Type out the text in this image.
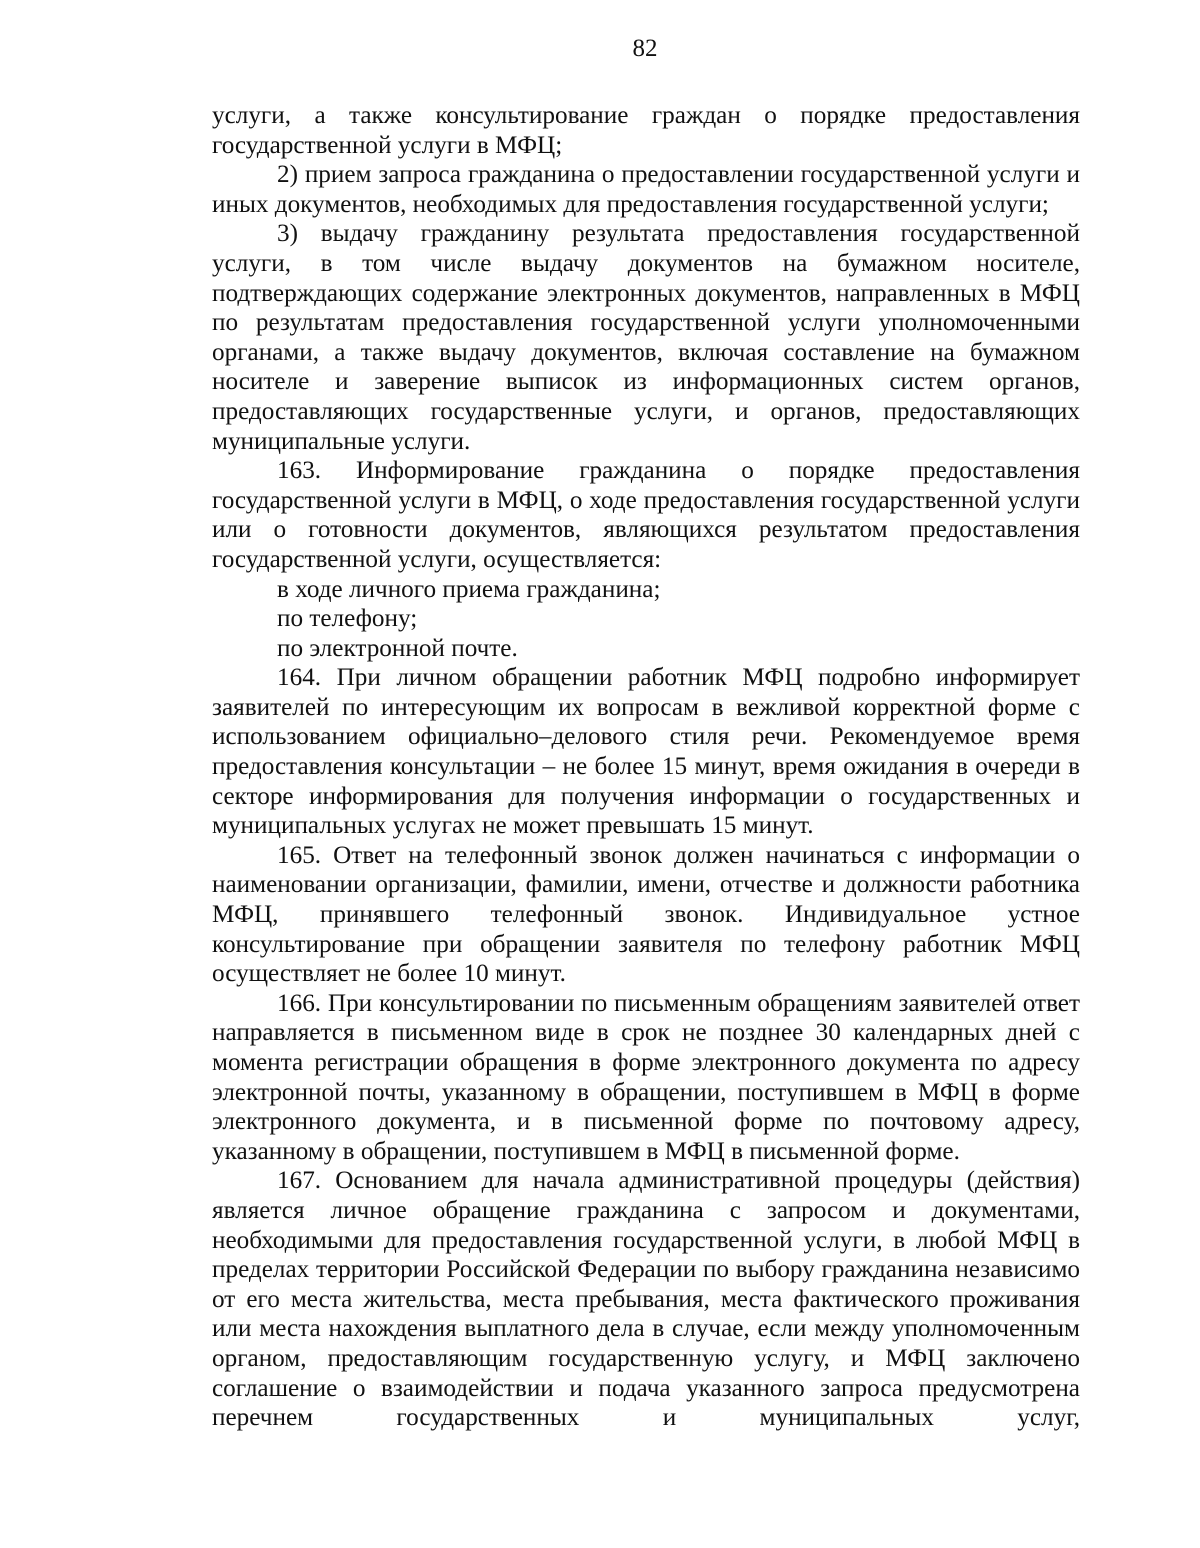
82

услуги, а также консультирование граждан о порядке предоставления государственной услуги в МФЦ;

2) прием запроса гражданина о предоставлении государственной услуги и иных документов, необходимых для предоставления государственной услуги;

3) выдачу гражданину результата предоставления государственной услуги, в том числе выдачу документов на бумажном носителе, подтверждающих содержание электронных документов, направленных в МФЦ по результатам предоставления государственной услуги уполномоченными органами, а также выдачу документов, включая составление на бумажном носителе и заверение выписок из информационных систем органов, предоставляющих государственные услуги, и органов, предоставляющих муниципальные услуги.

163. Информирование гражданина о порядке предоставления государственной услуги в МФЦ, о ходе предоставления государственной услуги или о готовности документов, являющихся результатом предоставления государственной услуги, осуществляется:

в ходе личного приема гражданина;

по телефону;

по электронной почте.

164. При личном обращении работник МФЦ подробно информирует заявителей по интересующим их вопросам в вежливой корректной форме с использованием официально–делового стиля речи. Рекомендуемое время предоставления консультации – не более 15 минут, время ожидания в очереди в секторе информирования для получения информации о государственных и муниципальных услугах не может превышать 15 минут.

165. Ответ на телефонный звонок должен начинаться с информации о наименовании организации, фамилии, имени, отчестве и должности работника МФЦ, принявшего телефонный звонок. Индивидуальное устное консультирование при обращении заявителя по телефону работник МФЦ осуществляет не более 10 минут.

166. При консультировании по письменным обращениям заявителей ответ направляется в письменном виде в срок не позднее 30 календарных дней с момента регистрации обращения в форме электронного документа по адресу электронной почты, указанному в обращении, поступившем в МФЦ в форме электронного документа, и в письменной форме по почтовому адресу, указанному в обращении, поступившем в МФЦ в письменной форме.

167. Основанием для начала административной процедуры (действия) является личное обращение гражданина с запросом и документами, необходимыми для предоставления государственной услуги, в любой МФЦ в пределах территории Российской Федерации по выбору гражданина независимо от его места жительства, места пребывания, места фактического проживания или места нахождения выплатного дела в случае, если между уполномоченным органом, предоставляющим государственную услугу, и МФЦ заключено соглашение о взаимодействии и подача указанного запроса предусмотрена перечнем государственных и муниципальных услуг,
